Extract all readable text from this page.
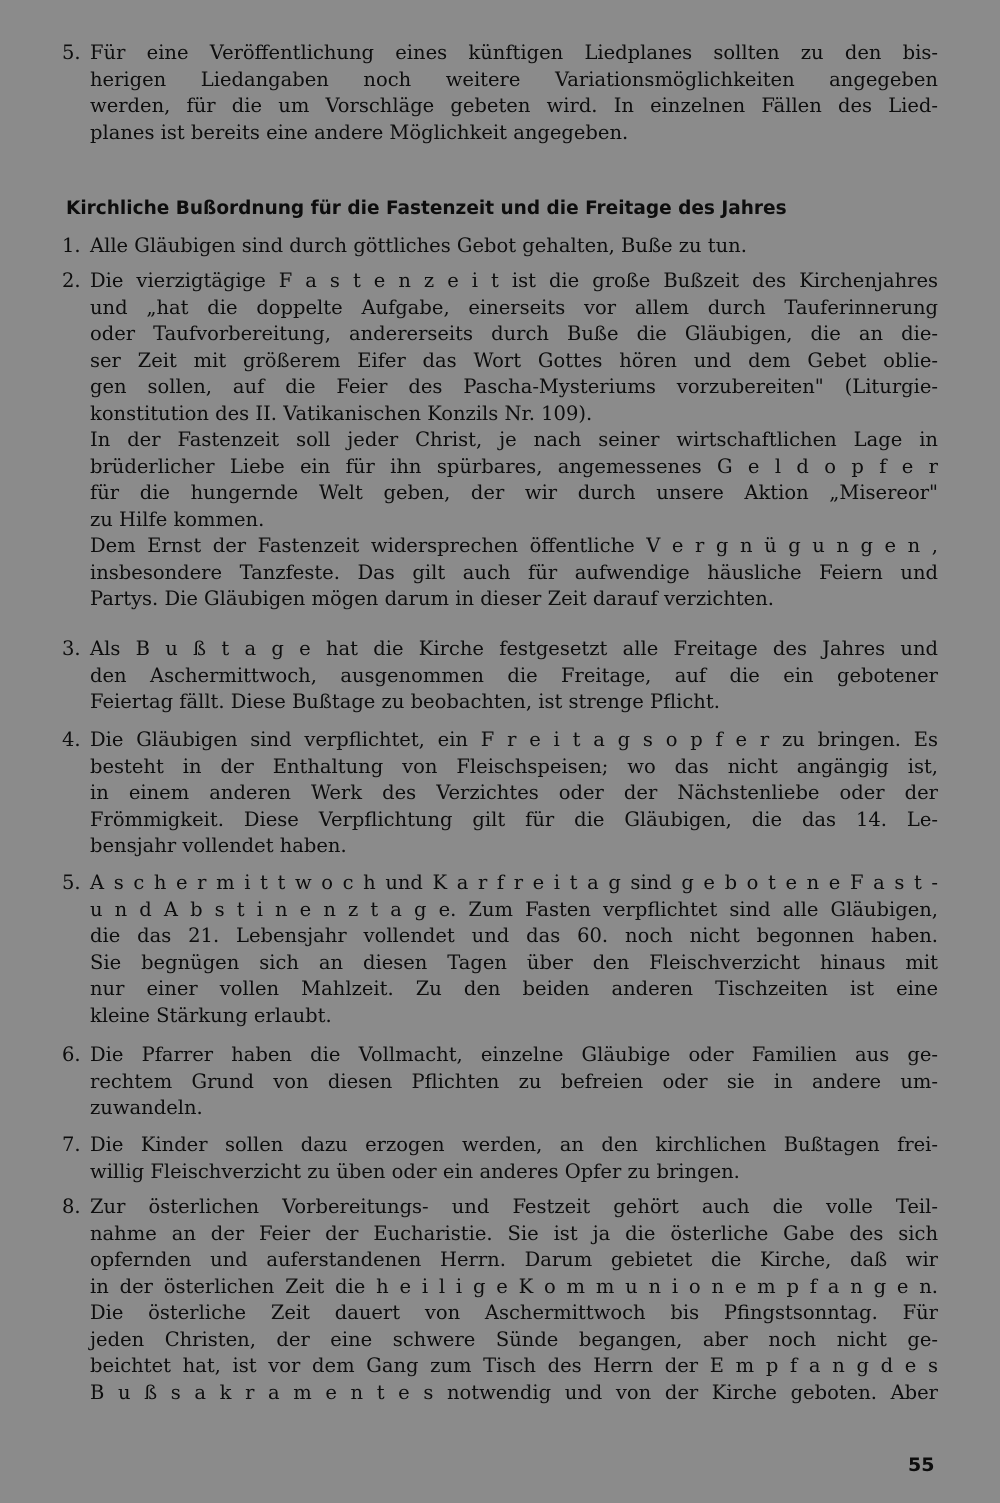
5. Für eine Veröffentlichung eines künftigen Liedplanes sollten zu den bis-
herigen Liedangaben noch weitere Variationsmöglichkeiten angegeben
werden, für die um Vorschläge gebeten wird. In einzelnen Fällen des Lied-
planes ist bereits eine andere Möglichkeit angegeben.
Kirchliche Bußordnung für die Fastenzeit und die Freitage des Jahres
1. Alle Gläubigen sind durch göttliches Gebot gehalten, Buße zu tun.
2. Die vierzigtägige F a s t e n z e i t ist die große Bußzeit des Kirchenjahres
und „hat die doppelte Aufgabe, einerseits vor allem durch Tauferinnerung
oder Taufvorbereitung, andererseits durch Buße die Gläubigen, die an die-
ser Zeit mit größerem Eifer das Wort Gottes hören und dem Gebet oblie-
gen sollen, auf die Feier des Pascha-Mysteriums vorzubereiten" (Liturgie-
konstitution des II. Vatikanischen Konzils Nr. 109).
In der Fastenzeit soll jeder Christ, je nach seiner wirtschaftlichen Lage in
brüderlicher Liebe ein für ihn spürbares, angemessenes G e l d o p f e r
für die hungernde Welt geben, der wir durch unsere Aktion „Misereor"
zu Hilfe kommen.
Dem Ernst der Fastenzeit widersprechen öffentliche V e r g n ü g u n g e n ,
insbesondere Tanzfeste. Das gilt auch für aufwendige häusliche Feiern und
Partys. Die Gläubigen mögen darum in dieser Zeit darauf verzichten.
3. Als B u ß t a g e hat die Kirche festgesetzt alle Freitage des Jahres und
den Aschermittwoch, ausgenommen die Freitage, auf die ein gebotener
Feiertag fällt. Diese Bußtage zu beobachten, ist strenge Pflicht.
4. Die Gläubigen sind verpflichtet, ein F r e i t a g s o p f e r zu bringen. Es
besteht in der Enthaltung von Fleischspeisen; wo das nicht angängig ist,
in einem anderen Werk des Verzichtes oder der Nächstenliebe oder der
Frömmigkeit. Diese Verpflichtung gilt für die Gläubigen, die das 14. Le-
bensjahr vollendet haben.
5. A s c h e r m i t t w o c h und K a r f r e i t a g sind g e b o t e n e F a s t -
u n d A b s t i n e n z t a g e. Zum Fasten verpflichtet sind alle Gläubigen,
die das 21. Lebensjahr vollendet und das 60. noch nicht begonnen haben.
Sie begnügen sich an diesen Tagen über den Fleischverzicht hinaus mit
nur einer vollen Mahlzeit. Zu den beiden anderen Tischzeiten ist eine
kleine Stärkung erlaubt.
6. Die Pfarrer haben die Vollmacht, einzelne Gläubige oder Familien aus ge-
rechtem Grund von diesen Pflichten zu befreien oder sie in andere um-
zuwandeln.
7. Die Kinder sollen dazu erzogen werden, an den kirchlichen Bußtagen frei-
willig Fleischverzicht zu üben oder ein anderes Opfer zu bringen.
8. Zur österlichen Vorbereitungs- und Festzeit gehört auch die volle Teil-
nahme an der Feier der Eucharistie. Sie ist ja die österliche Gabe des sich
opfernden und auferstandenen Herrn. Darum gebietet die Kirche, daß wir
in der österlichen Zeit die h e i l i g e K o m m u n i o n e m p f a n g e n.
Die österliche Zeit dauert von Aschermittwoch bis Pfingstsonntag. Für
jeden Christen, der eine schwere Sünde begangen, aber noch nicht ge-
beichtet hat, ist vor dem Gang zum Tisch des Herrn der E m p f a n g d e s
B u ß s a k r a m e n t e s notwendig und von der Kirche geboten. Aber
55
